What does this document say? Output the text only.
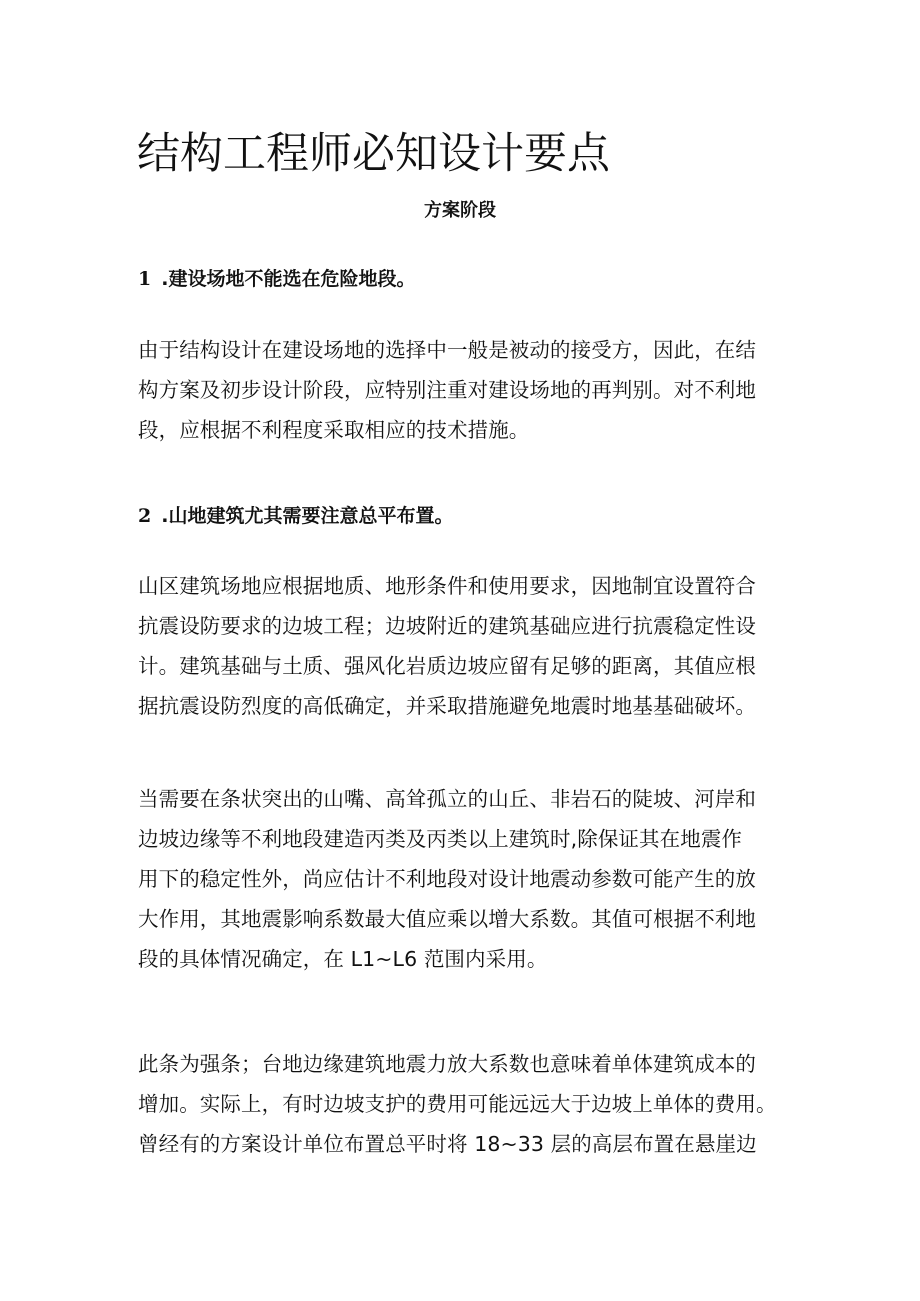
结构工程师必知设计要点
方案阶段
1 .建设场地不能选在危险地段。
由于结构设计在建设场地的选择中一般是被动的接受方，因此，在结
构方案及初步设计阶段，应特别注重对建设场地的再判别。对不利地
段，应根据不利程度采取相应的技术措施。
2 .山地建筑尤其需要注意总平布置。
山区建筑场地应根据地质、地形条件和使用要求，因地制宜设置符合
抗震设防要求的边坡工程；边坡附近的建筑基础应进行抗震稳定性设
计。建筑基础与土质、强风化岩质边坡应留有足够的距离，其值应根
据抗震设防烈度的高低确定，并采取措施避免地震时地基基础破坏。
当需要在条状突出的山嘴、高耸孤立的山丘、非岩石的陡坡、河岸和
边坡边缘等不利地段建造丙类及丙类以上建筑时,除保证其在地震作
用下的稳定性外，尚应估计不利地段对设计地震动参数可能产生的放
大作用，其地震影响系数最大值应乘以增大系数。其值可根据不利地
段的具体情况确定，在 L1~L6 范围内采用。
此条为强条；台地边缘建筑地震力放大系数也意味着单体建筑成本的
增加。实际上，有时边坡支护的费用可能远远大于边坡上单体的费用。
曾经有的方案设计单位布置总平时将 18~33 层的高层布置在悬崖边
